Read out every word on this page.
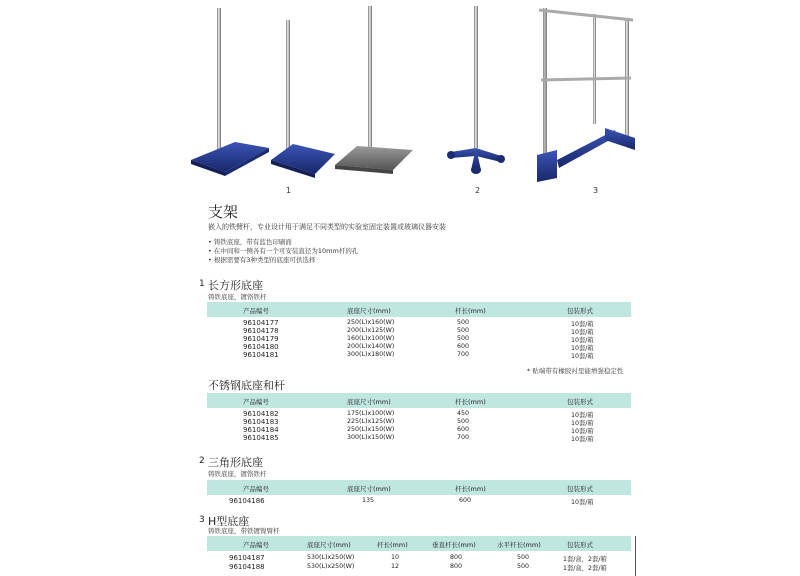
1	2	3
支架
嵌入的铁臂杆，专业设计用于满足不同类型的实验室固定装置或玻璃仪器安装
• 铸铁底座，带有蓝色印刷面
• 在中间和一侧各有一个可安装直径为10mm杆的孔
• 根据需要有3种类型的底座可供选择
1 长方形底座
铸铁底座，镀铬铁杆
产品编号	底座尺寸(mm)	杆长(mm)	包装形式
96104177	250(L)x160(W)	500	10套/箱
96104178	200(L)x125(W)	500	10套/箱
96104179	160(L)x100(W)	500	10套/箱
96104180	200(L)x140(W)	600	10套/箱
96104181	300(L)x180(W)	700	10套/箱
* 贴端带有橡胶衬里能增强稳定性
不锈钢底座和杆
产品编号	底座尺寸(mm)	杆长(mm)	包装形式
96104182	175(L)x100(W)	450	10套/箱
96104183	225(L)x125(W)	500	10套/箱
96104184	250(L)x150(W)	600	10套/箱
96104185	300(L)x150(W)	700	10套/箱
2 三角形底座
铸铁底座，镀铬铁杆
产品编号	底座尺寸(mm)	杆长(mm)	包装形式
96104186	135	600	10套/箱
3 H型底座
铸铁底座，带铁镀镍臂杆
产品编号	底座尺寸(mm)	杆长(mm)	垂直杆长(mm)	水平杆长(mm)	包装形式
96104187	530(L)x250(W)	10	800	500	1套/盒，2套/箱
96104188	530(L)x250(W)	12	800	500	1套/盒，2套/箱
